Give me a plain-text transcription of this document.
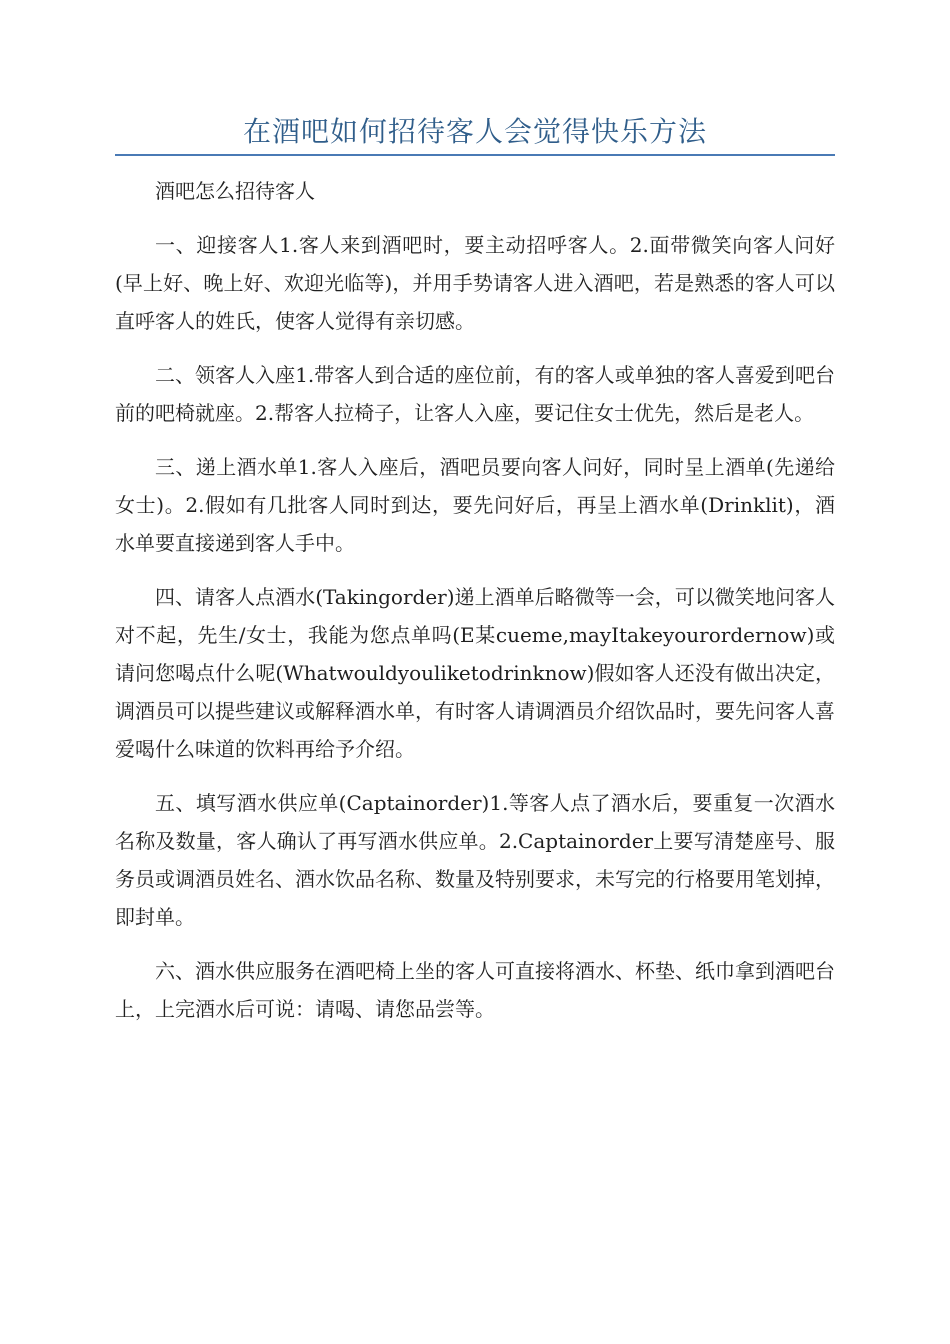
在酒吧如何招待客人会觉得快乐方法

酒吧怎么招待客人

一、迎接客人1.客人来到酒吧时，要主动招呼客人。2.面带微笑向客人问好(早上好、晚上好、欢迎光临等)，并用手势请客人进入酒吧，若是熟悉的客人可以直呼客人的姓氏，使客人觉得有亲切感。

二、领客人入座1.带客人到合适的座位前，有的客人或单独的客人喜爱到吧台前的吧椅就座。2.帮客人拉椅子，让客人入座，要记住女士优先，然后是老人。

三、递上酒水单1.客人入座后，酒吧员要向客人问好，同时呈上酒单(先递给女士)。2.假如有几批客人同时到达，要先问好后，再呈上酒水单(Drinklit)，酒水单要直接递到客人手中。

四、请客人点酒水(Takingorder)递上酒单后略微等一会，可以微笑地问客人对不起，先生/女士，我能为您点单吗(E某cueme,mayItakeyourordernow)或请问您喝点什么呢(Whatwouldyouliketodrinknow)假如客人还没有做出决定，调酒员可以提些建议或解释酒水单，有时客人请调酒员介绍饮品时，要先问客人喜爱喝什么味道的饮料再给予介绍。

五、填写酒水供应单(Captainorder)1.等客人点了酒水后，要重复一次酒水名称及数量，客人确认了再写酒水供应单。2.Captainorder上要写清楚座号、服务员或调酒员姓名、酒水饮品名称、数量及特别要求，未写完的行格要用笔划掉，即封单。

六、酒水供应服务在酒吧椅上坐的客人可直接将酒水、杯垫、纸巾拿到酒吧台上，上完酒水后可说：请喝、请您品尝等。
